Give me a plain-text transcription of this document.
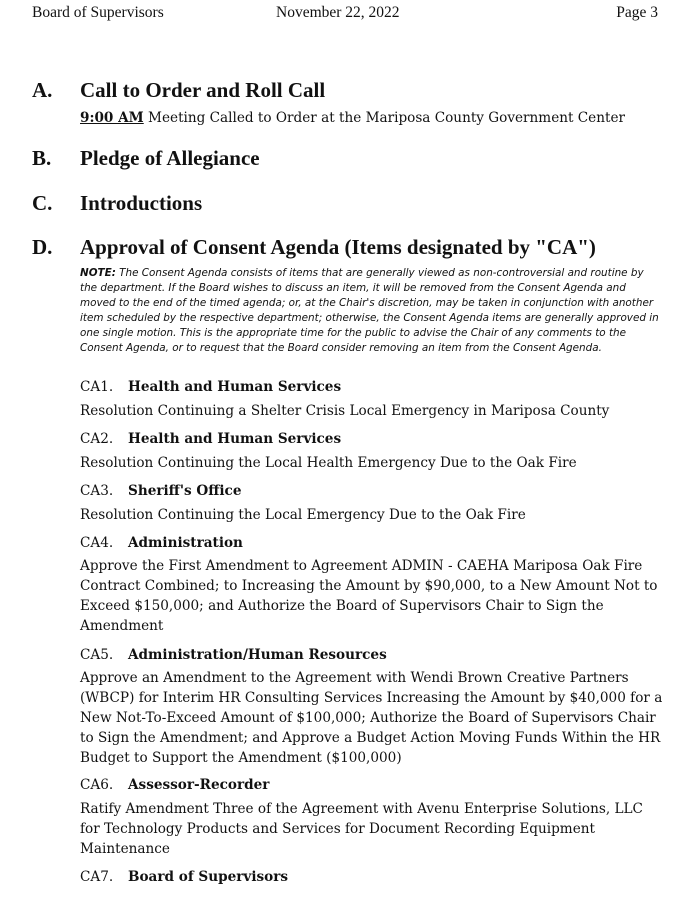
Board of Supervisors	November 22, 2022	Page 3
A. Call to Order and Roll Call
9:00 AM Meeting Called to Order at the Mariposa County Government Center
B. Pledge of Allegiance
C. Introductions
D. Approval of Consent Agenda (Items designated by "CA")
NOTE: The Consent Agenda consists of items that are generally viewed as non-controversial and routine by the department. If the Board wishes to discuss an item, it will be removed from the Consent Agenda and moved to the end of the timed agenda; or, at the Chair's discretion, may be taken in conjunction with another item scheduled by the respective department; otherwise, the Consent Agenda items are generally approved in one single motion. This is the appropriate time for the public to advise the Chair of any comments to the Consent Agenda, or to request that the Board consider removing an item from the Consent Agenda.
CA1. Health and Human Services
Resolution Continuing a Shelter Crisis Local Emergency in Mariposa County
CA2. Health and Human Services
Resolution Continuing the Local Health Emergency Due to the Oak Fire
CA3. Sheriff's Office
Resolution Continuing the Local Emergency Due to the Oak Fire
CA4. Administration
Approve the First Amendment to Agreement ADMIN - CAEHA Mariposa Oak Fire Contract Combined; to Increasing the Amount by $90,000, to a New Amount Not to Exceed $150,000; and Authorize the Board of Supervisors Chair to Sign the Amendment
CA5. Administration/Human Resources
Approve an Amendment to the Agreement with Wendi Brown Creative Partners (WBCP) for Interim HR Consulting Services Increasing the Amount by $40,000 for a New Not-To-Exceed Amount of $100,000; Authorize the Board of Supervisors Chair to Sign the Amendment; and Approve a Budget Action Moving Funds Within the HR Budget to Support the Amendment ($100,000)
CA6. Assessor-Recorder
Ratify Amendment Three of the Agreement with Avenu Enterprise Solutions, LLC for Technology Products and Services for Document Recording Equipment Maintenance
CA7. Board of Supervisors
